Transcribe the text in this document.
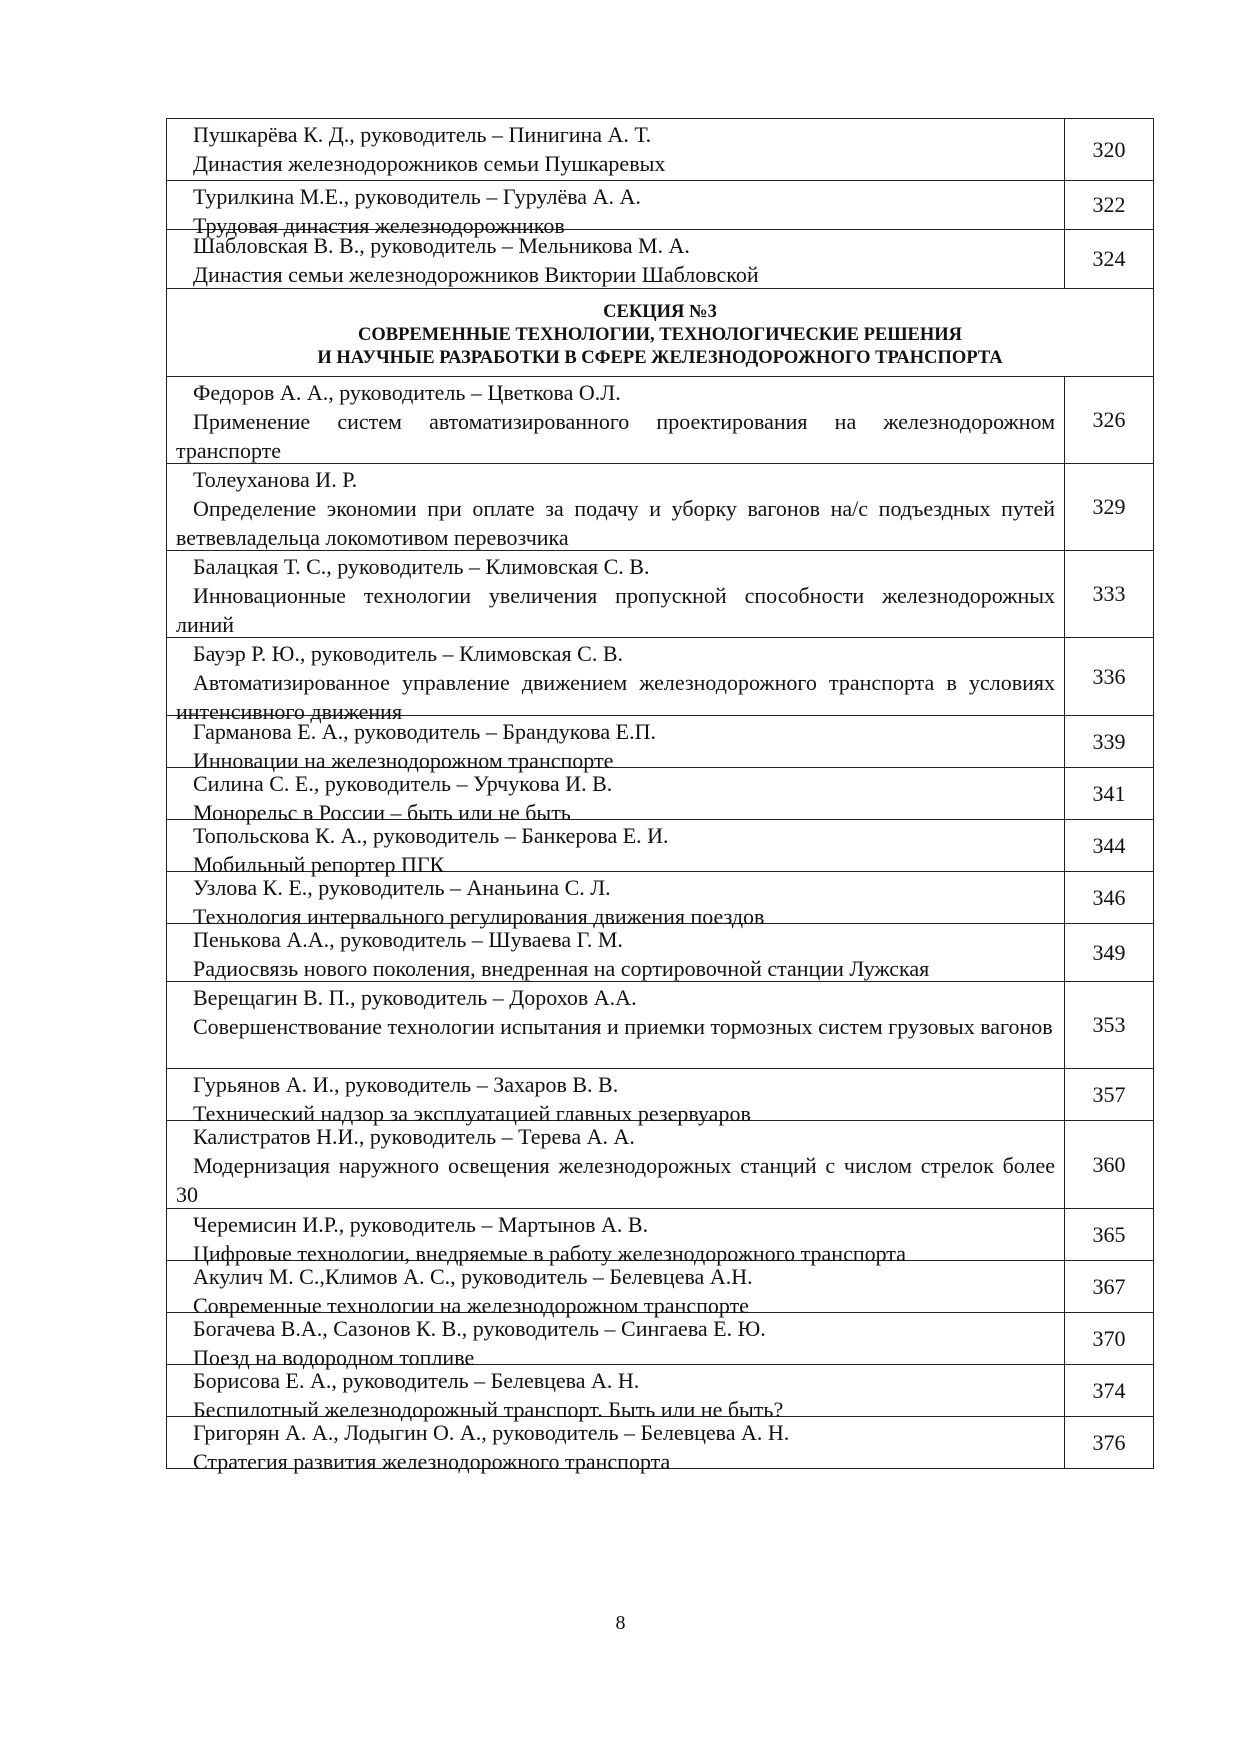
Пушкарёва К. Д., руководитель – Пинигина А. Т.
Династия железнодорожников семьи Пушкаревых
320
Турилкина М.Е., руководитель – Гурулёва А. А.
Трудовая династия железнодорожников
322
Шабловская В. В., руководитель – Мельникова М. А.
Династия семьи железнодорожников Виктории Шабловской
324
СЕКЦИЯ №3
СОВРЕМЕННЫЕ ТЕХНОЛОГИИ, ТЕХНОЛОГИЧЕСКИЕ РЕШЕНИЯ
И НАУЧНЫЕ РАЗРАБОТКИ В СФЕРЕ ЖЕЛЕЗНОДОРОЖНОГО ТРАНСПОРТА
Федоров А. А., руководитель – Цветкова О.Л.
Применение систем автоматизированного проектирования на железнодорожном транспорте
326
Толеуханова И. Р.
Определение экономии при оплате за подачу и уборку вагонов на/с подъездных путей ветвевладельца локомотивом перевозчика
329
Балацкая Т. С., руководитель – Климовская С. В.
Инновационные технологии увеличения пропускной способности железнодорожных линий
333
Бауэр Р. Ю., руководитель – Климовская С. В.
Автоматизированное управление движением железнодорожного транспорта в условиях интенсивного движения
336
Гарманова Е. А., руководитель – Брандукова Е.П.
Инновации на железнодорожном транспорте
339
Силина С. Е., руководитель – Урчукова И. В.
Монорельс в России – быть или не быть
341
Топольскова К. А., руководитель – Банкерова Е. И.
Мобильный репортер ПГК
344
Узлова К. Е., руководитель – Ананьина С. Л.
Технология интервального регулирования движения поездов
346
Пенькова А.А., руководитель – Шуваева Г. М.
Радиосвязь нового поколения, внедренная на сортировочной станции Лужская
349
Верещагин В. П., руководитель – Дорохов А.А.
Совершенствование технологии испытания и приемки тормозных систем грузовых вагонов	353
Гурьянов А. И., руководитель – Захаров В. В.
Технический надзор за эксплуатацией главных резервуаров
357
Калистратов Н.И., руководитель – Терева А. А.
Модернизация наружного освещения железнодорожных станций с числом стрелок более 30
360
Черемисин И.Р., руководитель – Мартынов А. В.
Цифровые технологии, внедряемые в работу железнодорожного транспорта
365
Акулич М. С.,Климов А. С., руководитель – Белевцева А.Н.
Современные технологии на железнодорожном транспорте
367
Богачева В.А., Сазонов К. В., руководитель – Сингаева Е. Ю.
Поезд на водородном топливе
370
Борисова Е. А., руководитель – Белевцева А. Н.
Беспилотный железнодорожный транспорт. Быть или не быть?
374
Григорян А. А., Лодыгин О. А., руководитель – Белевцева А. Н.
Стратегия развития железнодорожного транспорта
376
8
